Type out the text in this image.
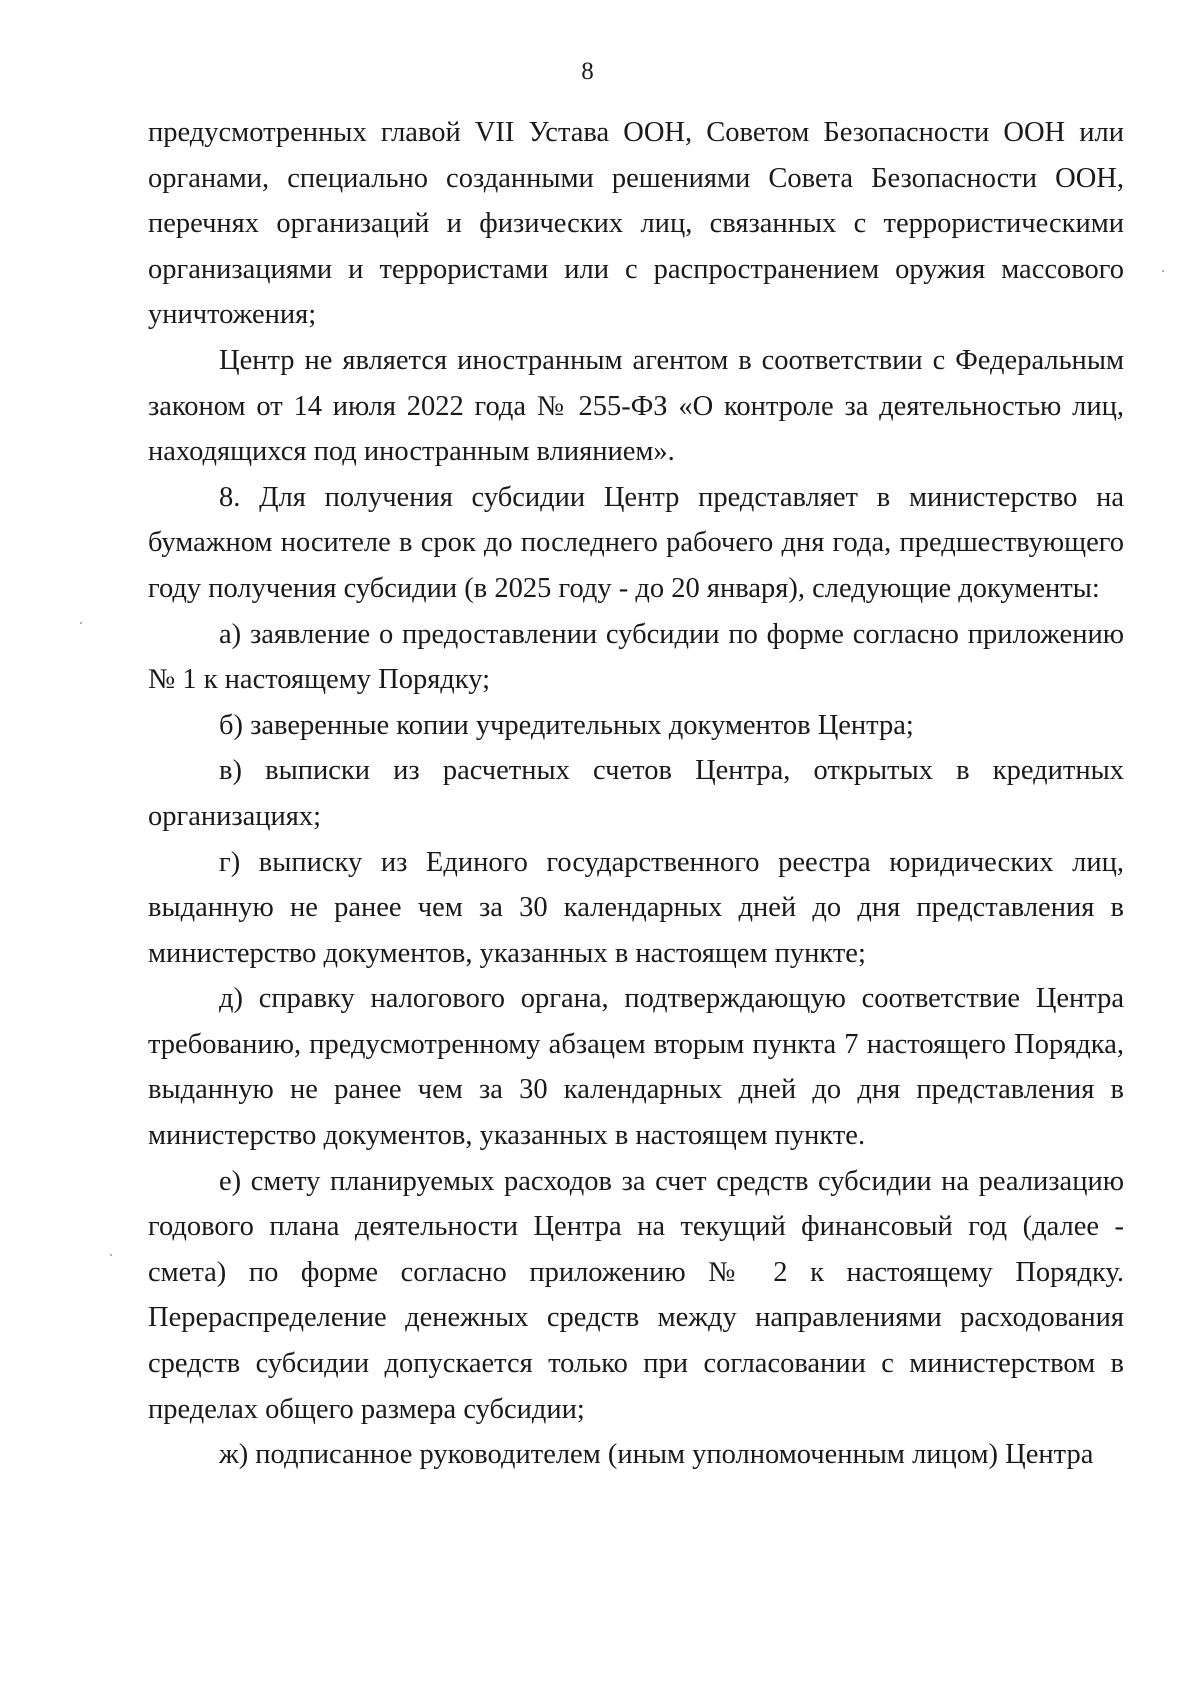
8

предусмотренных главой VII Устава ООН, Советом Безопасности ООН или органами, специально созданными решениями Совета Безопасности ООН, перечнях организаций и физических лиц, связанных с террористическими организациями и террористами или с распространением оружия массового уничтожения;

Центр не является иностранным агентом в соответствии с Федеральным законом от 14 июля 2022 года № 255-ФЗ «О контроле за деятельностью лиц, находящихся под иностранным влиянием».

8. Для получения субсидии Центр представляет в министерство на бумажном носителе в срок до последнего рабочего дня года, предшествующего году получения субсидии (в 2025 году - до 20 января), следующие документы:

а) заявление о предоставлении субсидии по форме согласно приложению № 1 к настоящему Порядку;

б) заверенные копии учредительных документов Центра;

в) выписки из расчетных счетов Центра, открытых в кредитных организациях;

г) выписку из Единого государственного реестра юридических лиц, выданную не ранее чем за 30 календарных дней до дня представления в министерство документов, указанных в настоящем пункте;

д) справку налогового органа, подтверждающую соответствие Центра требованию, предусмотренному абзацем вторым пункта 7 настоящего Порядка, выданную не ранее чем за 30 календарных дней до дня представления в министерство документов, указанных в настоящем пункте.

е) смету планируемых расходов за счет средств субсидии на реализацию годового плана деятельности Центра на текущий финансовый год (далее - смета) по форме согласно приложению № 2 к настоящему Порядку. Перераспределение денежных средств между направлениями расходования средств субсидии допускается только при согласовании с министерством в пределах общего размера субсидии;

ж) подписанное руководителем (иным уполномоченным лицом) Центра
